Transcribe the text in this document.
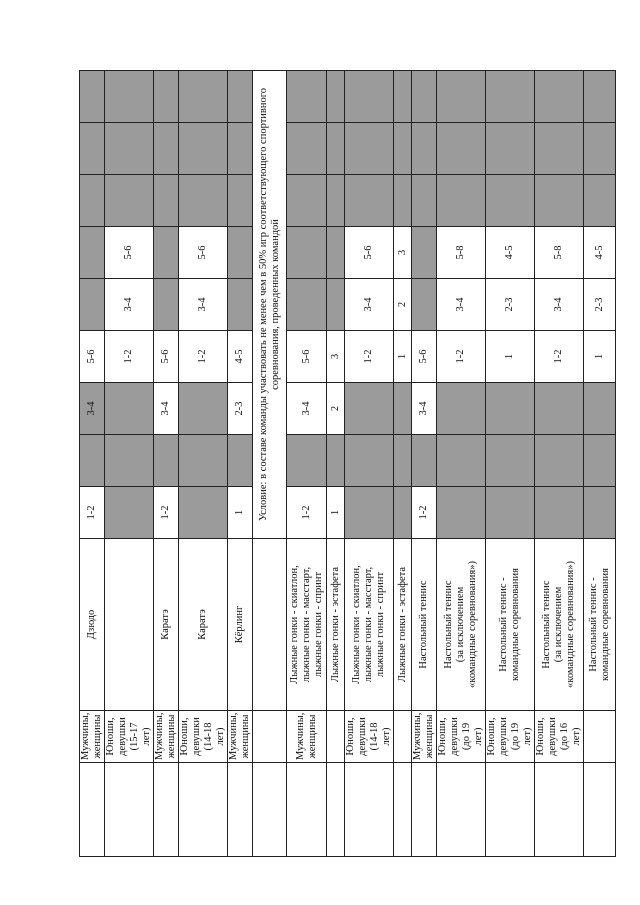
	Мужчины,
женщины	Дзюдо	1-2		3-4	5-6					
	Юноши,
девушки
(15-17 лет)					1-2	3-4	5-6			
	Мужчины,
женщины	Каратэ	1-2		3-4	5-6					
	Юноши,
девушки
(14-18 лет)	Каратэ				1-2	3-4	5-6			
	Мужчины,
женщины	Кёрлинг	1		2-3	4-5					
			Условие: в составе команды участвовать не менее чем в 50% игр соответствующего спортивного соревнования, проведенных командой								
	Мужчины,
женщины	Лыжные гонки - скиатлон,
лыжные гонки - масстарт,
лыжные гонки - спринт	1-2		3-4	5-6					
		Лыжные гонки - эстафета	1		2	3					
	Юноши,
девушки
(14-18 лет)	Лыжные гонки - скиатлон,
лыжные гонки - масстарт,
лыжные гонки - спринт				1-2	3-4	5-6			
		Лыжные гонки - эстафета				1	2	3			
	Мужчины,
женщины	Настольный теннис	1-2		3-4	5-6					
	Юноши,
девушки
(до 19 лет)	Настольный теннис
(за исключением
«командные соревнования»)				1-2	3-4	5-8			
	Юноши,
девушки
(до 19 лет)	Настольный теннис -
командные соревнования				1	2-3	4-5			
	Юноши,
девушки
(до 16 лет)	Настольный теннис
(за исключением
«командные соревнования»)				1-2	3-4	5-8			
		Настольный теннис -
командные соревнования				1	2-3	4-5			
